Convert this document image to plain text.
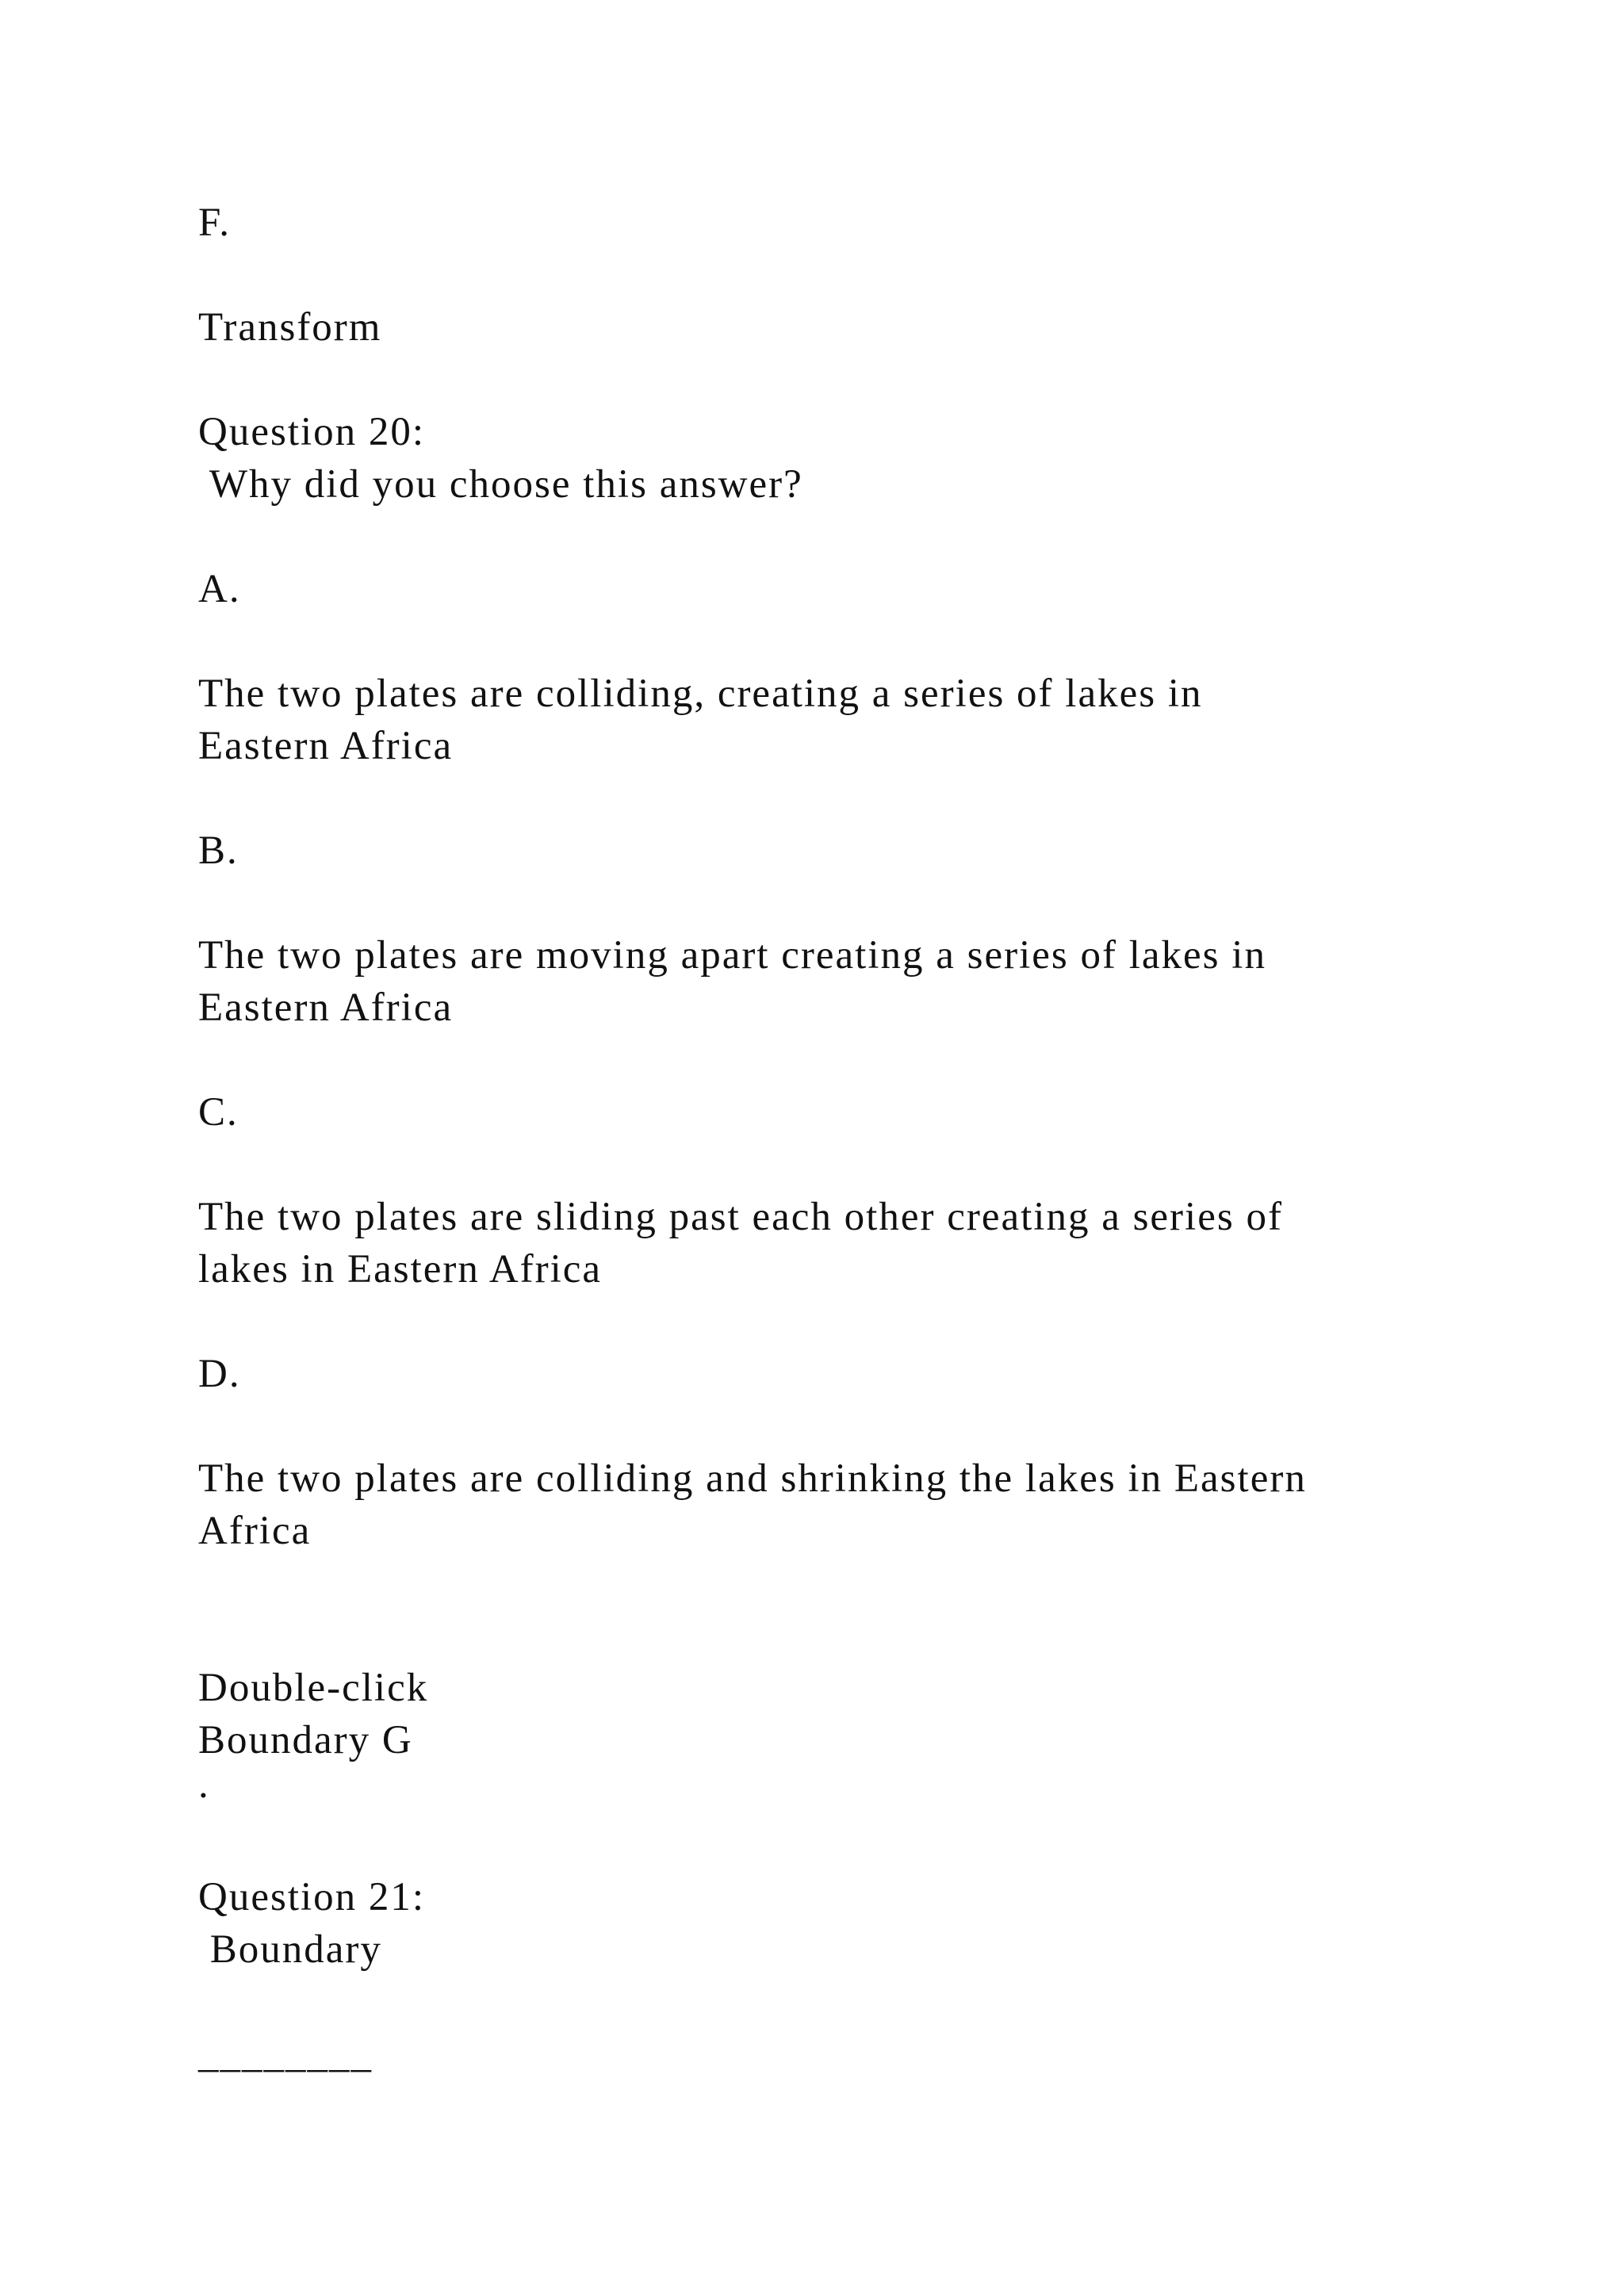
F.
Transform
Question 20:
Why did you choose this answer?
A.
The two plates are colliding, creating a series of lakes in
Eastern Africa
B.
The two plates are moving apart creating a series of lakes in
Eastern Africa
C.
The two plates are sliding past each other creating a series of
lakes in Eastern Africa
D.
The two plates are colliding and shrinking the lakes in Eastern
Africa
Double-click
Boundary G
.
Question 21:
Boundary
________
